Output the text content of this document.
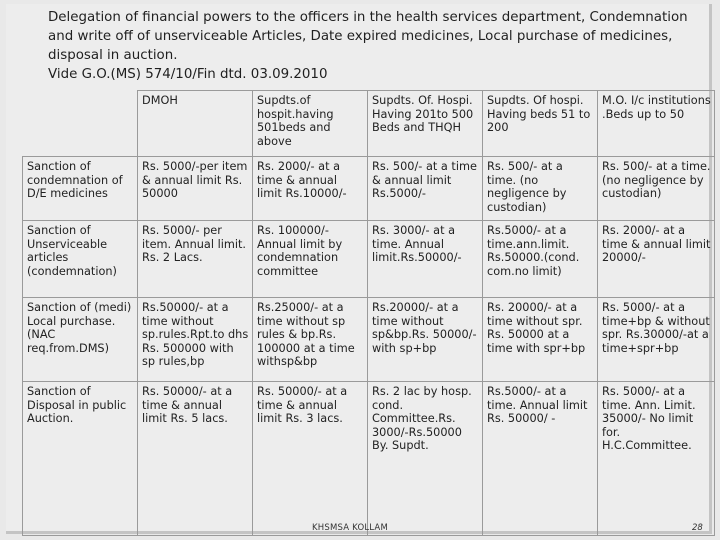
Delegation of financial powers to the officers in the health services department, Condemnation
and write off of unserviceable Articles, Date expired medicines, Local purchase of medicines,
disposal in auction.
Vide G.O.(MS) 574/10/Fin dtd. 03.09.2010
	DMOH	Supdts.of hospit.having 501beds and above	Supdts. Of. Hospi. Having 201to 500 Beds and THQH	Supdts. Of hospi. Having beds 51 to 200	M.O. I/c institutions .Beds up to 50
Sanction of condemnation of D/E medicines	Rs. 5000/-per item & annual limit Rs. 50000	Rs. 2000/- at a time & annual limit Rs.10000/-	Rs. 500/- at a time & annual limit Rs.5000/-	Rs. 500/- at a time. (no negligence by custodian)	Rs. 500/- at a time. (no negligence by custodian)
Sanction of Unserviceable articles (condemnation)	Rs. 5000/- per item. Annual limit. Rs. 2 Lacs.	Rs. 100000/- Annual limit by condemnation committee	Rs. 3000/- at a time. Annual limit.Rs.50000/-	Rs.5000/- at a time.ann.limit. Rs.50000.(cond. com.no limit)	Rs. 2000/- at a time & annual limit 20000/-
Sanction of (medi) Local purchase.(NAC req.from.DMS)	Rs.50000/- at a time without sp.rules.Rpt.to dhs Rs. 500000 with sp rules,bp	Rs.25000/- at a time without sp rules & bp.Rs. 100000 at a time withsp&bp	Rs.20000/- at a time without sp&bp.Rs. 50000/- with sp+bp	Rs. 20000/- at a time without spr. Rs. 50000 at a time with spr+bp	Rs. 5000/- at a time+bp & without spr. Rs.30000/-at a time+spr+bp
Sanction of Disposal in public Auction.	Rs. 50000/- at a time & annual limit Rs. 5 lacs.	Rs. 50000/- at a time & annual limit Rs. 3 lacs.	Rs. 2 lac by hosp. cond. Committee.Rs. 3000/-Rs.50000 By. Supdt.	Rs.5000/- at a time. Annual limit Rs. 50000/ -	Rs. 5000/- at a time. Ann. Limit. 35000/- No limit for. H.C.Committee.
KHSMSA KOLLAM	28
